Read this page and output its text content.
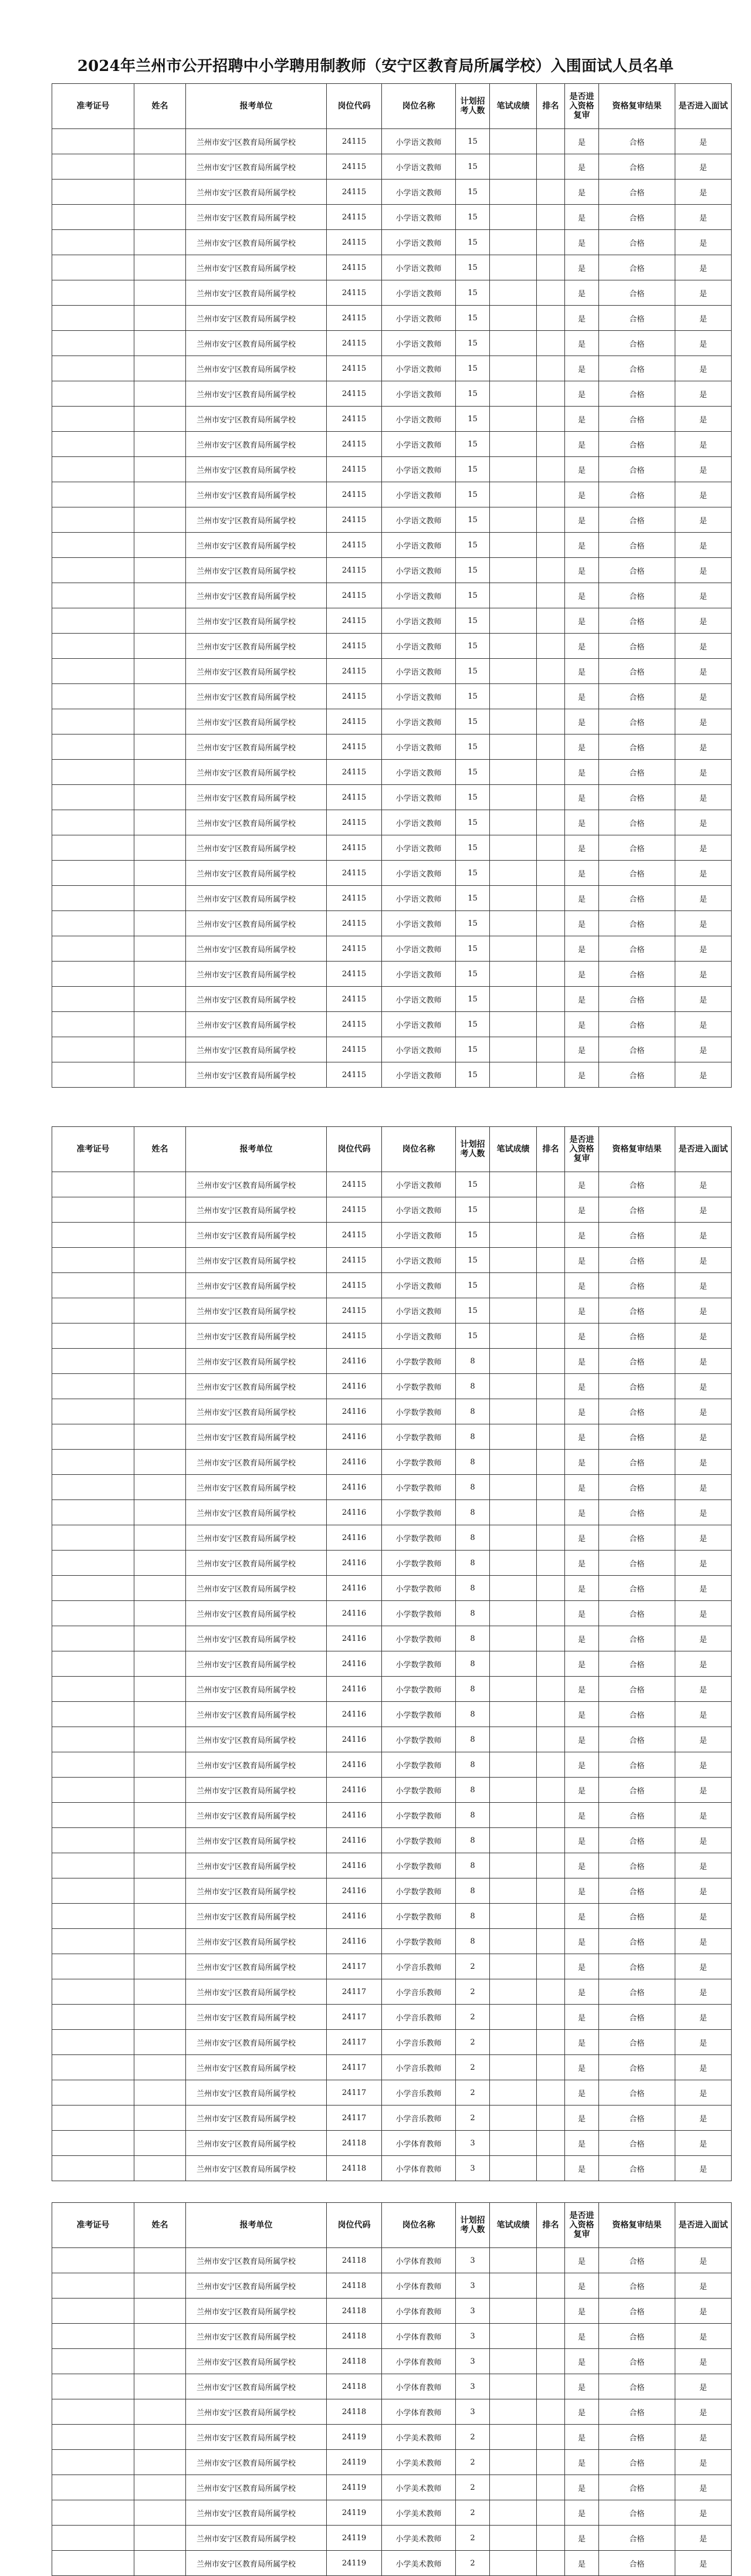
2024年兰州市公开招聘中小学聘用制教师（安宁区教育局所属学校）入围面试人员名单
准考证号	姓名	报考单位	岗位代码	岗位名称	计划招考人数	笔试成绩	排名	是否进入资格复审	资格复审结果	是否进入面试
		兰州市安宁区教育局所属学校	24115	小学语文教师	15			是	合格	是
		兰州市安宁区教育局所属学校	24115	小学语文教师	15			是	合格	是
		兰州市安宁区教育局所属学校	24115	小学语文教师	15			是	合格	是
		兰州市安宁区教育局所属学校	24115	小学语文教师	15			是	合格	是
		兰州市安宁区教育局所属学校	24115	小学语文教师	15			是	合格	是
		兰州市安宁区教育局所属学校	24115	小学语文教师	15			是	合格	是
		兰州市安宁区教育局所属学校	24115	小学语文教师	15			是	合格	是
		兰州市安宁区教育局所属学校	24115	小学语文教师	15			是	合格	是
		兰州市安宁区教育局所属学校	24115	小学语文教师	15			是	合格	是
		兰州市安宁区教育局所属学校	24115	小学语文教师	15			是	合格	是
		兰州市安宁区教育局所属学校	24115	小学语文教师	15			是	合格	是
		兰州市安宁区教育局所属学校	24115	小学语文教师	15			是	合格	是
		兰州市安宁区教育局所属学校	24115	小学语文教师	15			是	合格	是
		兰州市安宁区教育局所属学校	24115	小学语文教师	15			是	合格	是
		兰州市安宁区教育局所属学校	24115	小学语文教师	15			是	合格	是
		兰州市安宁区教育局所属学校	24115	小学语文教师	15			是	合格	是
		兰州市安宁区教育局所属学校	24115	小学语文教师	15			是	合格	是
		兰州市安宁区教育局所属学校	24115	小学语文教师	15			是	合格	是
		兰州市安宁区教育局所属学校	24115	小学语文教师	15			是	合格	是
		兰州市安宁区教育局所属学校	24115	小学语文教师	15			是	合格	是
		兰州市安宁区教育局所属学校	24115	小学语文教师	15			是	合格	是
		兰州市安宁区教育局所属学校	24115	小学语文教师	15			是	合格	是
		兰州市安宁区教育局所属学校	24115	小学语文教师	15			是	合格	是
		兰州市安宁区教育局所属学校	24115	小学语文教师	15			是	合格	是
		兰州市安宁区教育局所属学校	24115	小学语文教师	15			是	合格	是
		兰州市安宁区教育局所属学校	24115	小学语文教师	15			是	合格	是
		兰州市安宁区教育局所属学校	24115	小学语文教师	15			是	合格	是
		兰州市安宁区教育局所属学校	24115	小学语文教师	15			是	合格	是
		兰州市安宁区教育局所属学校	24115	小学语文教师	15			是	合格	是
		兰州市安宁区教育局所属学校	24115	小学语文教师	15			是	合格	是
		兰州市安宁区教育局所属学校	24115	小学语文教师	15			是	合格	是
		兰州市安宁区教育局所属学校	24115	小学语文教师	15			是	合格	是
		兰州市安宁区教育局所属学校	24115	小学语文教师	15			是	合格	是
		兰州市安宁区教育局所属学校	24115	小学语文教师	15			是	合格	是
		兰州市安宁区教育局所属学校	24115	小学语文教师	15			是	合格	是
		兰州市安宁区教育局所属学校	24115	小学语文教师	15			是	合格	是
		兰州市安宁区教育局所属学校	24115	小学语文教师	15			是	合格	是
		兰州市安宁区教育局所属学校	24115	小学语文教师	15			是	合格	是
准考证号	姓名	报考单位	岗位代码	岗位名称	计划招考人数	笔试成绩	排名	是否进入资格复审	资格复审结果	是否进入面试
		兰州市安宁区教育局所属学校	24115	小学语文教师	15			是	合格	是
		兰州市安宁区教育局所属学校	24115	小学语文教师	15			是	合格	是
		兰州市安宁区教育局所属学校	24115	小学语文教师	15			是	合格	是
		兰州市安宁区教育局所属学校	24115	小学语文教师	15			是	合格	是
		兰州市安宁区教育局所属学校	24115	小学语文教师	15			是	合格	是
		兰州市安宁区教育局所属学校	24115	小学语文教师	15			是	合格	是
		兰州市安宁区教育局所属学校	24115	小学语文教师	15			是	合格	是
		兰州市安宁区教育局所属学校	24116	小学数学教师	8			是	合格	是
		兰州市安宁区教育局所属学校	24116	小学数学教师	8			是	合格	是
		兰州市安宁区教育局所属学校	24116	小学数学教师	8			是	合格	是
		兰州市安宁区教育局所属学校	24116	小学数学教师	8			是	合格	是
		兰州市安宁区教育局所属学校	24116	小学数学教师	8			是	合格	是
		兰州市安宁区教育局所属学校	24116	小学数学教师	8			是	合格	是
		兰州市安宁区教育局所属学校	24116	小学数学教师	8			是	合格	是
		兰州市安宁区教育局所属学校	24116	小学数学教师	8			是	合格	是
		兰州市安宁区教育局所属学校	24116	小学数学教师	8			是	合格	是
		兰州市安宁区教育局所属学校	24116	小学数学教师	8			是	合格	是
		兰州市安宁区教育局所属学校	24116	小学数学教师	8			是	合格	是
		兰州市安宁区教育局所属学校	24116	小学数学教师	8			是	合格	是
		兰州市安宁区教育局所属学校	24116	小学数学教师	8			是	合格	是
		兰州市安宁区教育局所属学校	24116	小学数学教师	8			是	合格	是
		兰州市安宁区教育局所属学校	24116	小学数学教师	8			是	合格	是
		兰州市安宁区教育局所属学校	24116	小学数学教师	8			是	合格	是
		兰州市安宁区教育局所属学校	24116	小学数学教师	8			是	合格	是
		兰州市安宁区教育局所属学校	24116	小学数学教师	8			是	合格	是
		兰州市安宁区教育局所属学校	24116	小学数学教师	8			是	合格	是
		兰州市安宁区教育局所属学校	24116	小学数学教师	8			是	合格	是
		兰州市安宁区教育局所属学校	24116	小学数学教师	8			是	合格	是
		兰州市安宁区教育局所属学校	24116	小学数学教师	8			是	合格	是
		兰州市安宁区教育局所属学校	24116	小学数学教师	8			是	合格	是
		兰州市安宁区教育局所属学校	24116	小学数学教师	8			是	合格	是
		兰州市安宁区教育局所属学校	24117	小学音乐教师	2			是	合格	是
		兰州市安宁区教育局所属学校	24117	小学音乐教师	2			是	合格	是
		兰州市安宁区教育局所属学校	24117	小学音乐教师	2			是	合格	是
		兰州市安宁区教育局所属学校	24117	小学音乐教师	2			是	合格	是
		兰州市安宁区教育局所属学校	24117	小学音乐教师	2			是	合格	是
		兰州市安宁区教育局所属学校	24117	小学音乐教师	2			是	合格	是
		兰州市安宁区教育局所属学校	24117	小学音乐教师	2			是	合格	是
		兰州市安宁区教育局所属学校	24118	小学体育教师	3			是	合格	是
		兰州市安宁区教育局所属学校	24118	小学体育教师	3			是	合格	是
准考证号	姓名	报考单位	岗位代码	岗位名称	计划招考人数	笔试成绩	排名	是否进入资格复审	资格复审结果	是否进入面试
		兰州市安宁区教育局所属学校	24118	小学体育教师	3			是	合格	是
		兰州市安宁区教育局所属学校	24118	小学体育教师	3			是	合格	是
		兰州市安宁区教育局所属学校	24118	小学体育教师	3			是	合格	是
		兰州市安宁区教育局所属学校	24118	小学体育教师	3			是	合格	是
		兰州市安宁区教育局所属学校	24118	小学体育教师	3			是	合格	是
		兰州市安宁区教育局所属学校	24118	小学体育教师	3			是	合格	是
		兰州市安宁区教育局所属学校	24118	小学体育教师	3			是	合格	是
		兰州市安宁区教育局所属学校	24119	小学美术教师	2			是	合格	是
		兰州市安宁区教育局所属学校	24119	小学美术教师	2			是	合格	是
		兰州市安宁区教育局所属学校	24119	小学美术教师	2			是	合格	是
		兰州市安宁区教育局所属学校	24119	小学美术教师	2			是	合格	是
		兰州市安宁区教育局所属学校	24119	小学美术教师	2			是	合格	是
		兰州市安宁区教育局所属学校	24119	小学美术教师	2			是	合格	是
